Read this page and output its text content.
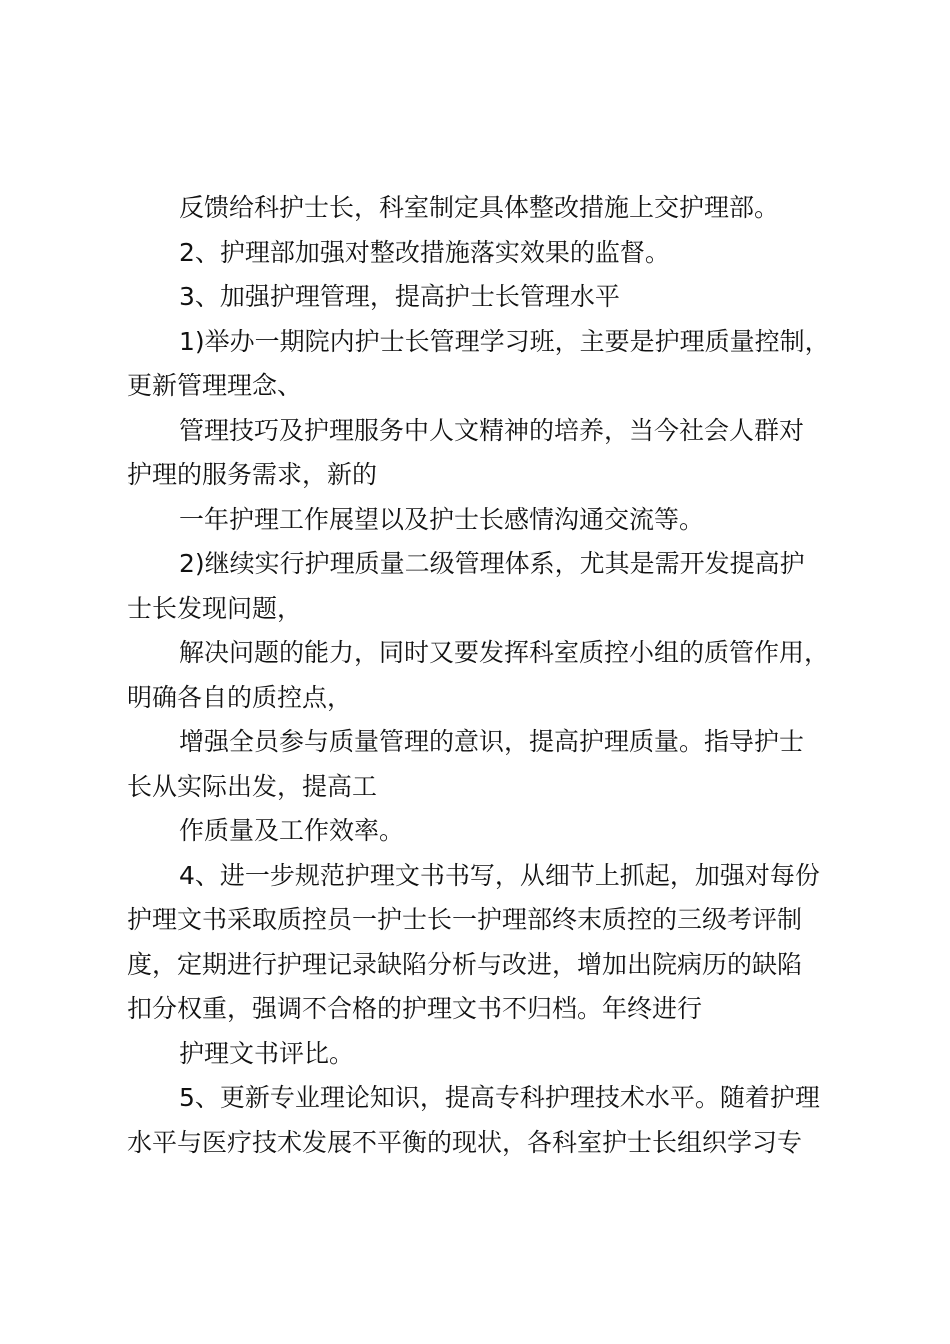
反馈给科护士长，科室制定具体整改措施上交护理部。
2、护理部加强对整改措施落实效果的监督。
3、加强护理管理，提高护士长管理水平
1)举办一期院内护士长管理学习班，主要是护理质量控制，
更新管理理念、
管理技巧及护理服务中人文精神的培养，当今社会人群对
护理的服务需求，新的
一年护理工作展望以及护士长感情沟通交流等。
2)继续实行护理质量二级管理体系，尤其是需开发提高护
士长发现问题，
解决问题的能力，同时又要发挥科室质控小组的质管作用，
明确各自的质控点，
增强全员参与质量管理的意识，提高护理质量。指导护士
长从实际出发，提高工
作质量及工作效率。
4、进一步规范护理文书书写，从细节上抓起，加强对每份
护理文书采取质控员一护士长一护理部终末质控的三级考评制
度，定期进行护理记录缺陷分析与改进，增加出院病历的缺陷
扣分权重，强调不合格的护理文书不归档。年终进行
护理文书评比。
5、更新专业理论知识，提高专科护理技术水平。随着护理
水平与医疗技术发展不平衡的现状，各科室护士长组织学习专
